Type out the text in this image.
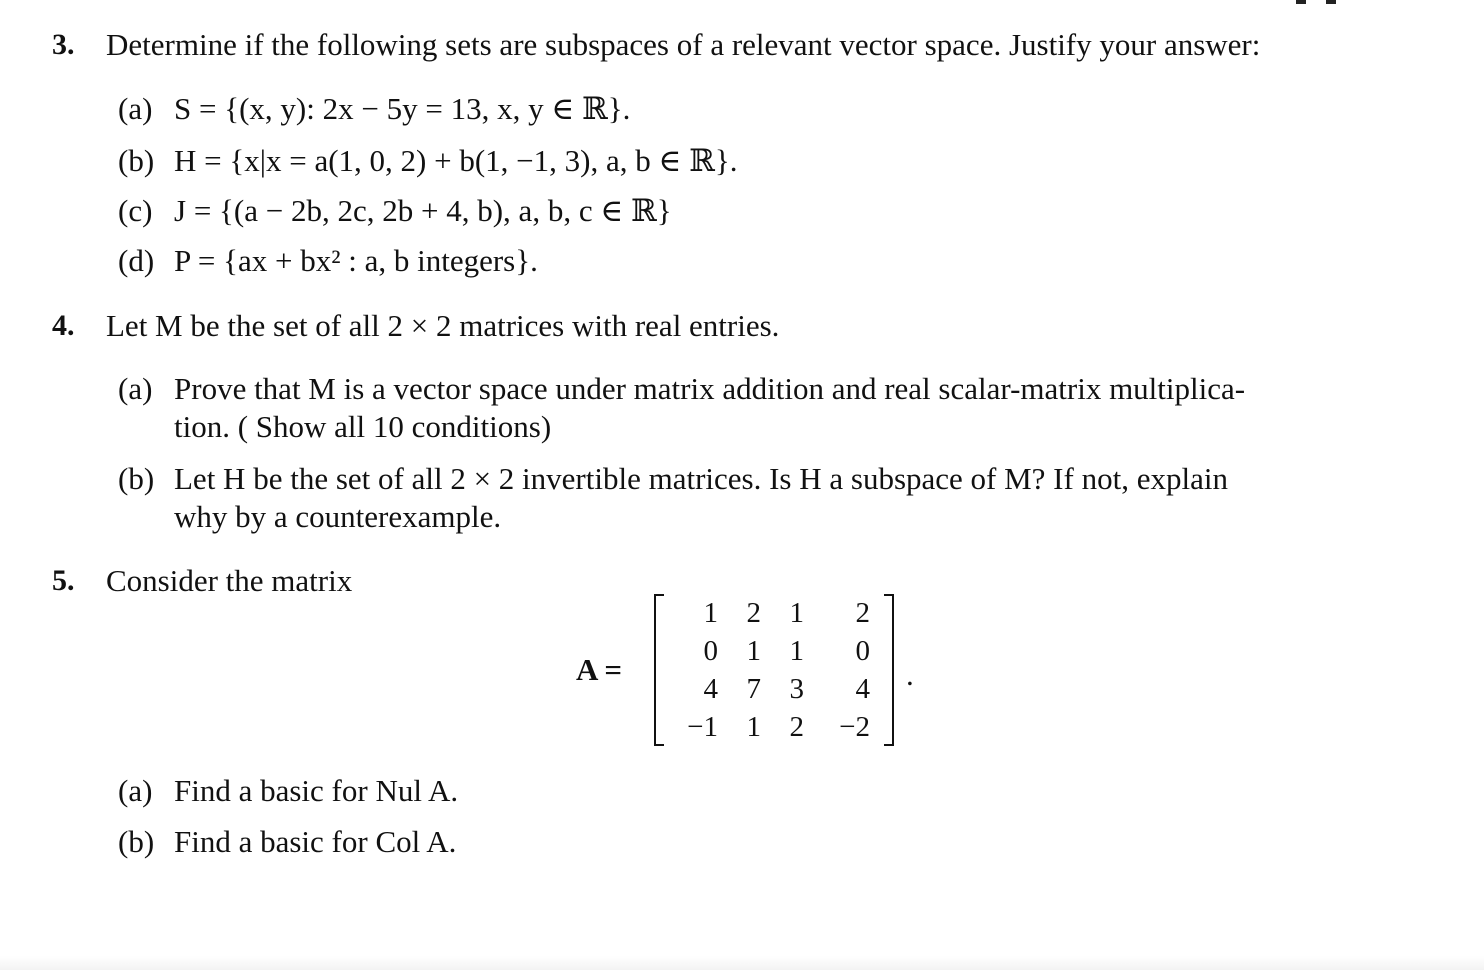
3. Determine if the following sets are subspaces of a relevant vector space. Justify your answer:
(a) S = {(x, y): 2x − 5y = 13, x, y ∈ ℝ}.
(b) H = {x|x = a(1, 0, 2) + b(1, −1, 3), a, b ∈ ℝ}.
(c) J = {(a − 2b, 2c, 2b + 4, b), a, b, c ∈ ℝ}
(d) P = {ax + bx² : a, b integers}.
4. Let M be the set of all 2 × 2 matrices with real entries.
(a) Prove that M is a vector space under matrix addition and real scalar-matrix multiplica-
tion. ( Show all 10 conditions)
(b) Let H be the set of all 2 × 2 invertible matrices. Is H a subspace of M? If not, explain
why by a counterexample.
5. Consider the matrix
A =
1 2 1	2
0 1 1	0
4 7 3	4
−1 1 2	−2
.
(a) Find a basic for Nul A.
(b) Find a basic for Col A.
